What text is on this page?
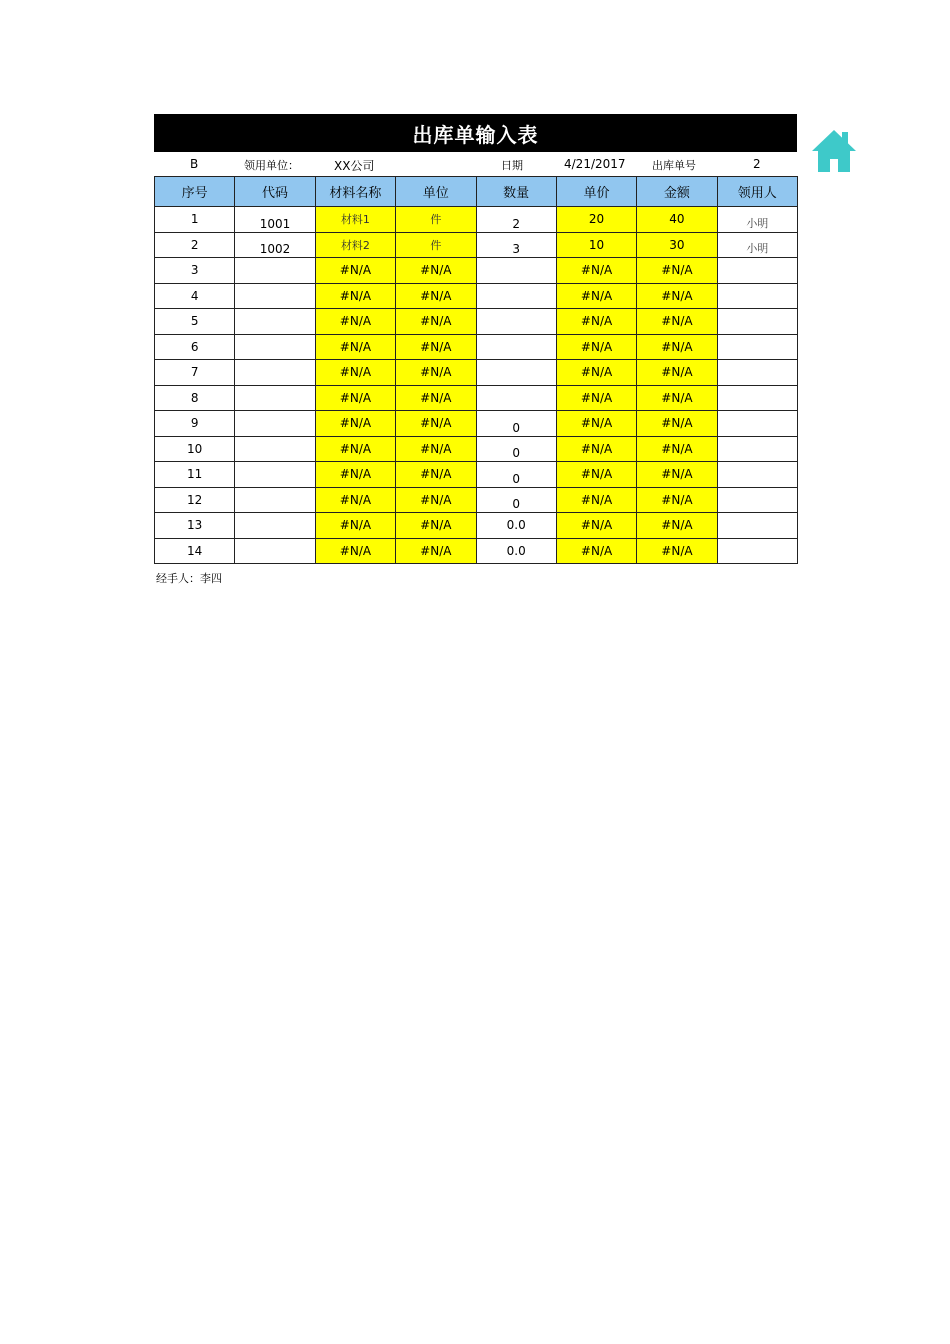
出库单输入表
B	领用单位：	XX公司	日期	4/21/2017 出库单号	2
序号	代码	材料名称	单位	数量	单价	金额	领用人
1	1001	材料1	件	2	20	40	小明
2	1002	材料2	件	3	10	30	小明
3		#N/A	#N/A		#N/A	#N/A	
4		#N/A	#N/A		#N/A	#N/A	
5		#N/A	#N/A		#N/A	#N/A	
6		#N/A	#N/A		#N/A	#N/A	
7		#N/A	#N/A		#N/A	#N/A	
8		#N/A	#N/A		#N/A	#N/A	
9		#N/A	#N/A	0	#N/A	#N/A	
10		#N/A	#N/A	0	#N/A	#N/A	
11		#N/A	#N/A	0	#N/A	#N/A	
12		#N/A	#N/A	0	#N/A	#N/A	
13		#N/A	#N/A	0.0	#N/A	#N/A	
14		#N/A	#N/A	0.0	#N/A	#N/A	
经手人：李四
